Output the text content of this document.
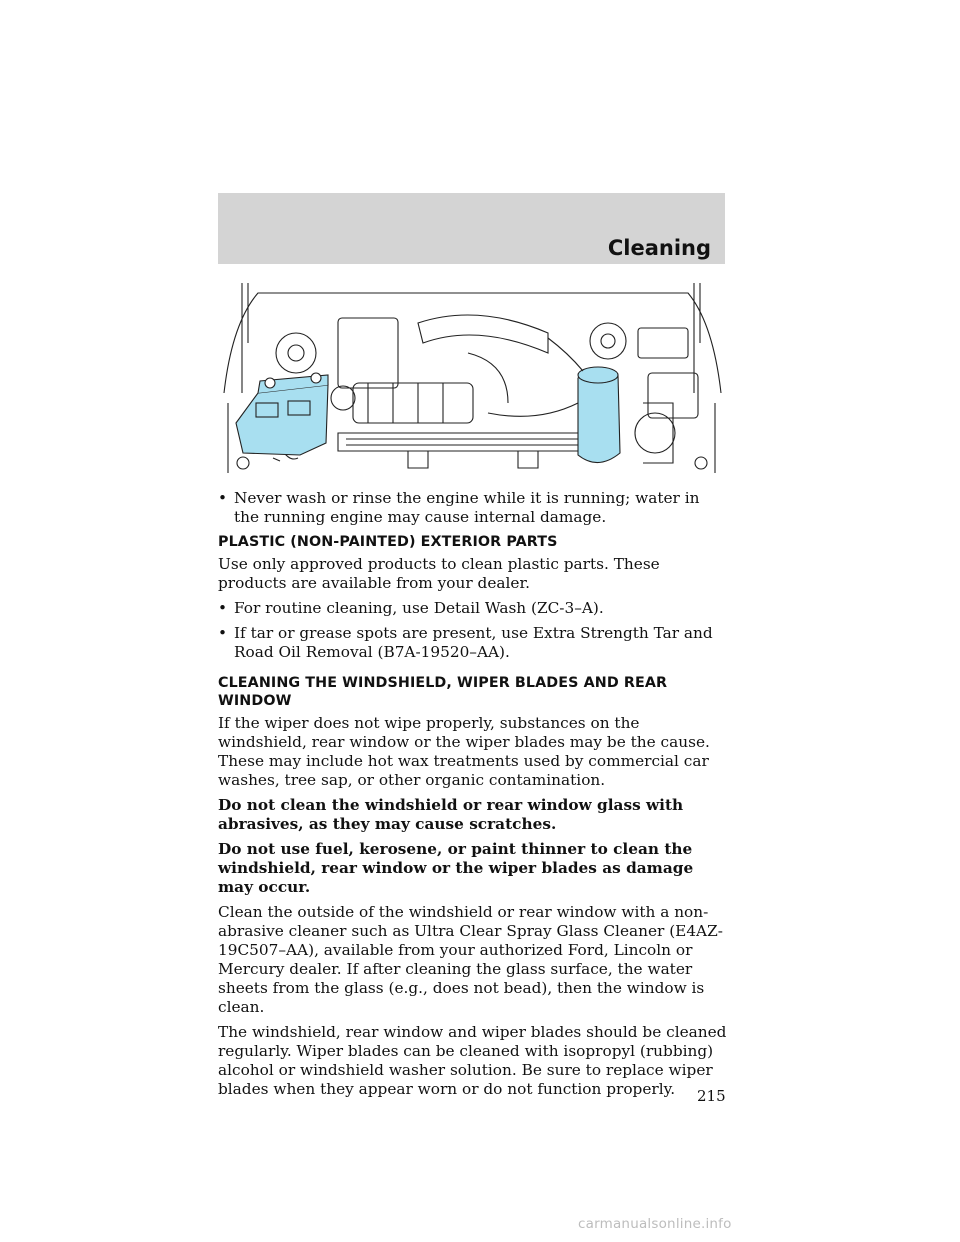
Cleaning
• Never wash or rinse the engine while it is running; water in the running engine may cause internal damage.
PLASTIC (NON-PAINTED) EXTERIOR PARTS

Use only approved products to clean plastic parts. These products are available from your dealer.

• For routine cleaning, use Detail Wash (ZC-3–A).
• If tar or grease spots are present, use Extra Strength Tar and Road Oil Removal (B7A-19520–AA).
CLEANING THE WINDSHIELD, WIPER BLADES AND REAR WINDOW

If the wiper does not wipe properly, substances on the windshield, rear window or the wiper blades may be the cause. These may include hot wax treatments used by commercial car washes, tree sap, or other organic contamination.

Do not clean the windshield or rear window glass with abrasives, as they may cause scratches.

Do not use fuel, kerosene, or paint thinner to clean the windshield, rear window or the wiper blades as damage may occur.

Clean the outside of the windshield or rear window with a non-abrasive cleaner such as Ultra Clear Spray Glass Cleaner (E4AZ-19C507–AA), available from your authorized Ford, Lincoln or Mercury dealer. If after cleaning the glass surface, the water sheets from the glass (e.g., does not bead), then the window is clean.

The windshield, rear window and wiper blades should be cleaned regularly. Wiper blades can be cleaned with isopropyl (rubbing) alcohol or windshield washer solution. Be sure to replace wiper blades when they appear worn or do not function properly.	215
carmanualsonline.info
